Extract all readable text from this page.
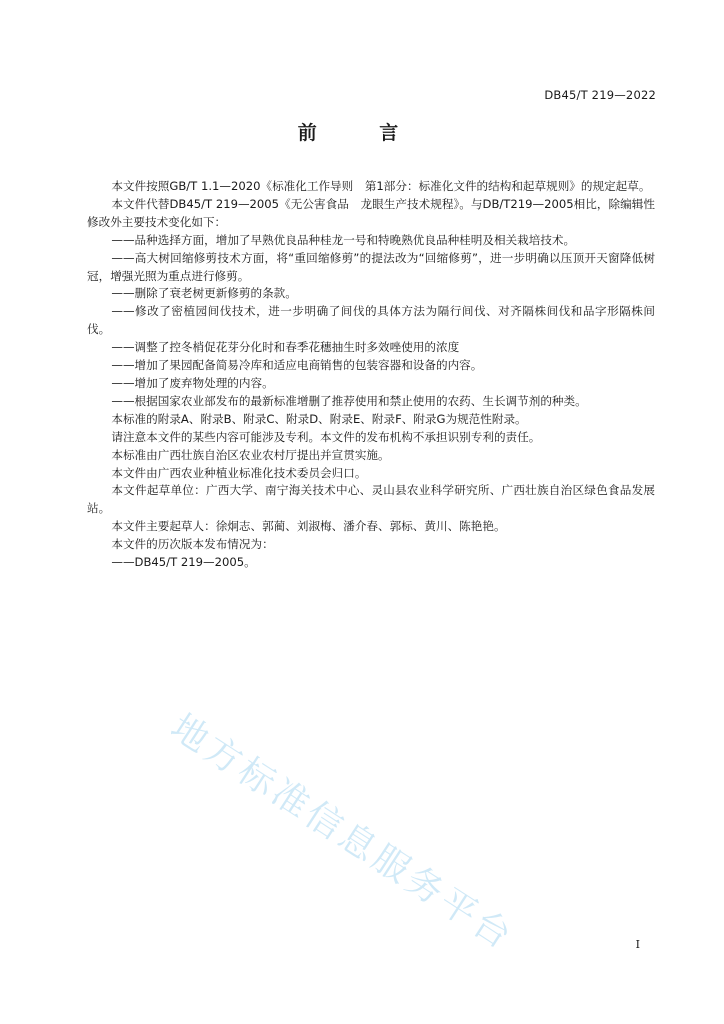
DB45/T 219—2022
前 言

本文件按照GB/T 1.1—2020《标准化工作导则　第1部分：标准化文件的结构和起草规则》的规定起草。

本文件代替DB45/T 219—2005《无公害食品　龙眼生产技术规程》。与DB/T219—2005相比，除编辑性修改外主要技术变化如下：

——品种选择方面，增加了早熟优良品种桂龙一号和特晚熟优良品种桂明及相关栽培技术。

——高大树回缩修剪技术方面，将“重回缩修剪”的提法改为“回缩修剪”，进一步明确以压顶开天窗降低树冠，增强光照为重点进行修剪。

——删除了衰老树更新修剪的条款。

——修改了密植园间伐技术，进一步明确了间伐的具体方法为隔行间伐、对齐隔株间伐和品字形隔株间伐。

——调整了控冬梢促花芽分化时和春季花穗抽生时多效唑使用的浓度

——增加了果园配备简易冷库和适应电商销售的包装容器和设备的内容。

——增加了废弃物处理的内容。

——根据国家农业部发布的最新标准增删了推荐使用和禁止使用的农药、生长调节剂的种类。

本标准的附录A、附录B、附录C、附录D、附录E、附录F、附录G为规范性附录。

请注意本文件的某些内容可能涉及专利。本文件的发布机构不承担识别专利的责任。

本标准由广西壮族自治区农业农村厅提出并宣贯实施。

本文件由广西农业种植业标准化技术委员会归口。

本文件起草单位：广西大学、南宁海关技术中心、灵山县农业科学研究所、广西壮族自治区绿色食品发展站。

本文件主要起草人：徐炯志、郭蔺、刘淑梅、潘介春、郭标、黄川、陈艳艳。

本文件的历次版本发布情况为：

——DB45/T 219—2005。

地方标准信息服务平台	I
